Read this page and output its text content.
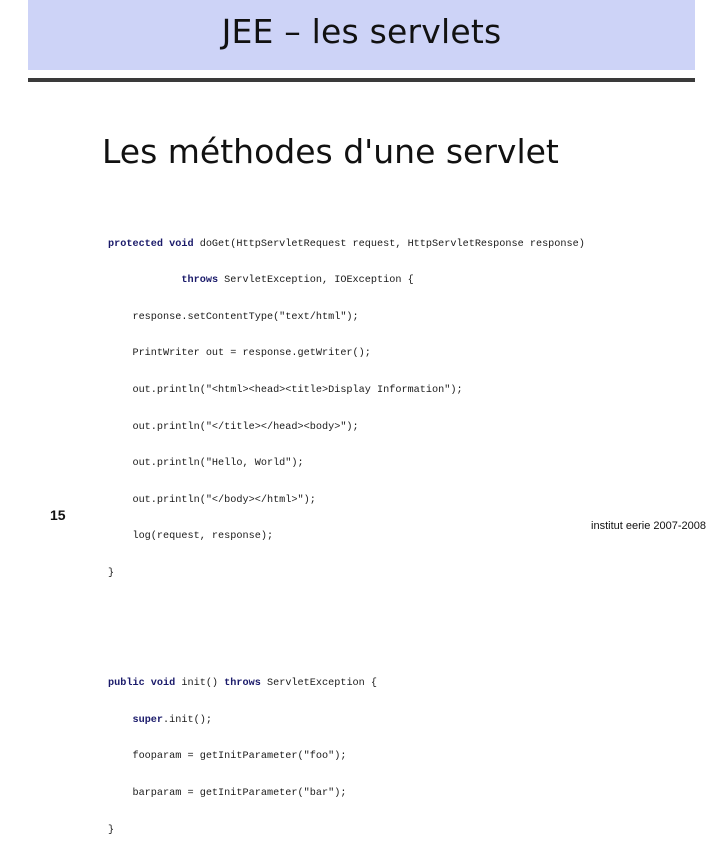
JEE – les servlets
Les méthodes d'une servlet

protected void doGet(HttpServletRequest request, HttpServletResponse response)

throws ServletException, IOException {

response.setContentType("text/html");

PrintWriter out = response.getWriter();

out.println("<html><head><title>Display Information");

out.println("</title></head><body>");

out.println("Hello, World");

out.println("</body></html>");

log(request, response);

}

public void init() throws ServletException {

super.init();

fooparam = getInitParameter("foo");

barparam = getInitParameter("bar");

}

15
institut eerie 2007-2008
